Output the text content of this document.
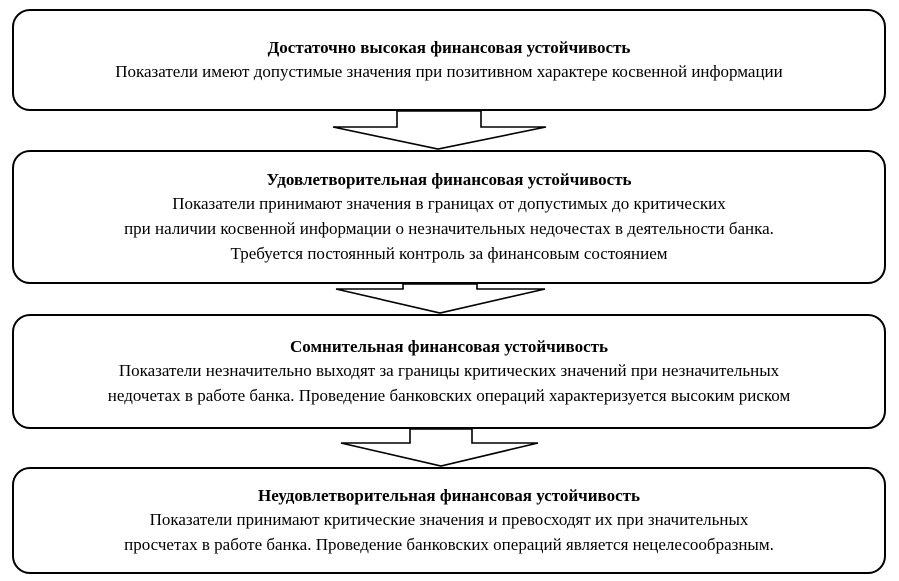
Достаточно высокая финансовая устойчивость
Показатели имеют допустимые значения при позитивном характере косвенной информации
Удовлетворительная финансовая устойчивость
Показатели принимают значения в границах от допустимых до критических
при наличии косвенной информации о незначительных недочестах в деятельности банка.
Требуется постоянный контроль за финансовым состоянием
Сомнительная финансовая устойчивость
Показатели незначительно выходят за границы критических значений при незначительных
недочетах в работе банка. Проведение банковских операций характеризуется высоким риском
Неудовлетворительная финансовая устойчивость
Показатели принимают критические значения и превосходят их при значительных
просчетах в работе банка. Проведение банковских операций является нецелесообразным.
